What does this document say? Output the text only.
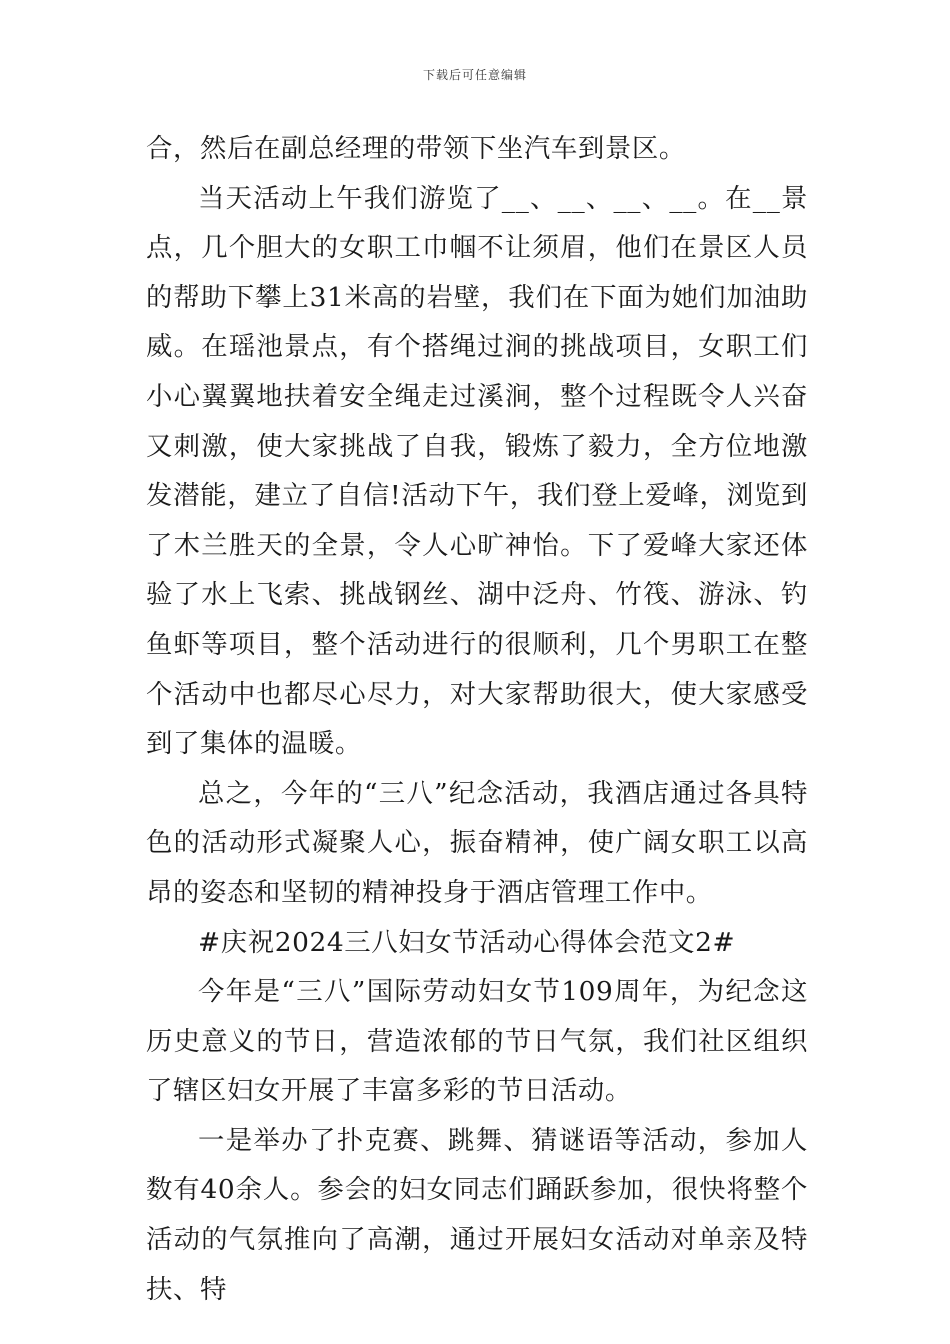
下载后可任意编辑

合，然后在副总经理的带领下坐汽车到景区。

当天活动上午我们游览了__、__、__、__。在__景点，几个胆大的女职工巾帼不让须眉，他们在景区人员的帮助下攀上31米高的岩壁，我们在下面为她们加油助威。在瑶池景点，有个搭绳过涧的挑战项目，女职工们小心翼翼地扶着安全绳走过溪涧，整个过程既令人兴奋又刺激，使大家挑战了自我，锻炼了毅力，全方位地激发潜能，建立了自信!活动下午，我们登上爱峰，浏览到了木兰胜天的全景，令人心旷神怡。下了爱峰大家还体验了水上飞索、挑战钢丝、湖中泛舟、竹筏、游泳、钓鱼虾等项目，整个活动进行的很顺利，几个男职工在整个活动中也都尽心尽力，对大家帮助很大，使大家感受到了集体的温暖。

总之，今年的“三八”纪念活动，我酒店通过各具特色的活动形式凝聚人心，振奋精神，使广阔女职工以高昂的姿态和坚韧的精神投身于酒店管理工作中。

#庆祝2024三八妇女节活动心得体会范文2#

今年是“三八”国际劳动妇女节109周年，为纪念这历史意义的节日，营造浓郁的节日气氛，我们社区组织了辖区妇女开展了丰富多彩的节日活动。

一是举办了扑克赛、跳舞、猜谜语等活动，参加人数有40余人。参会的妇女同志们踊跃参加，很快将整个活动的气氛推向了高潮，通过开展妇女活动对单亲及特扶、特
